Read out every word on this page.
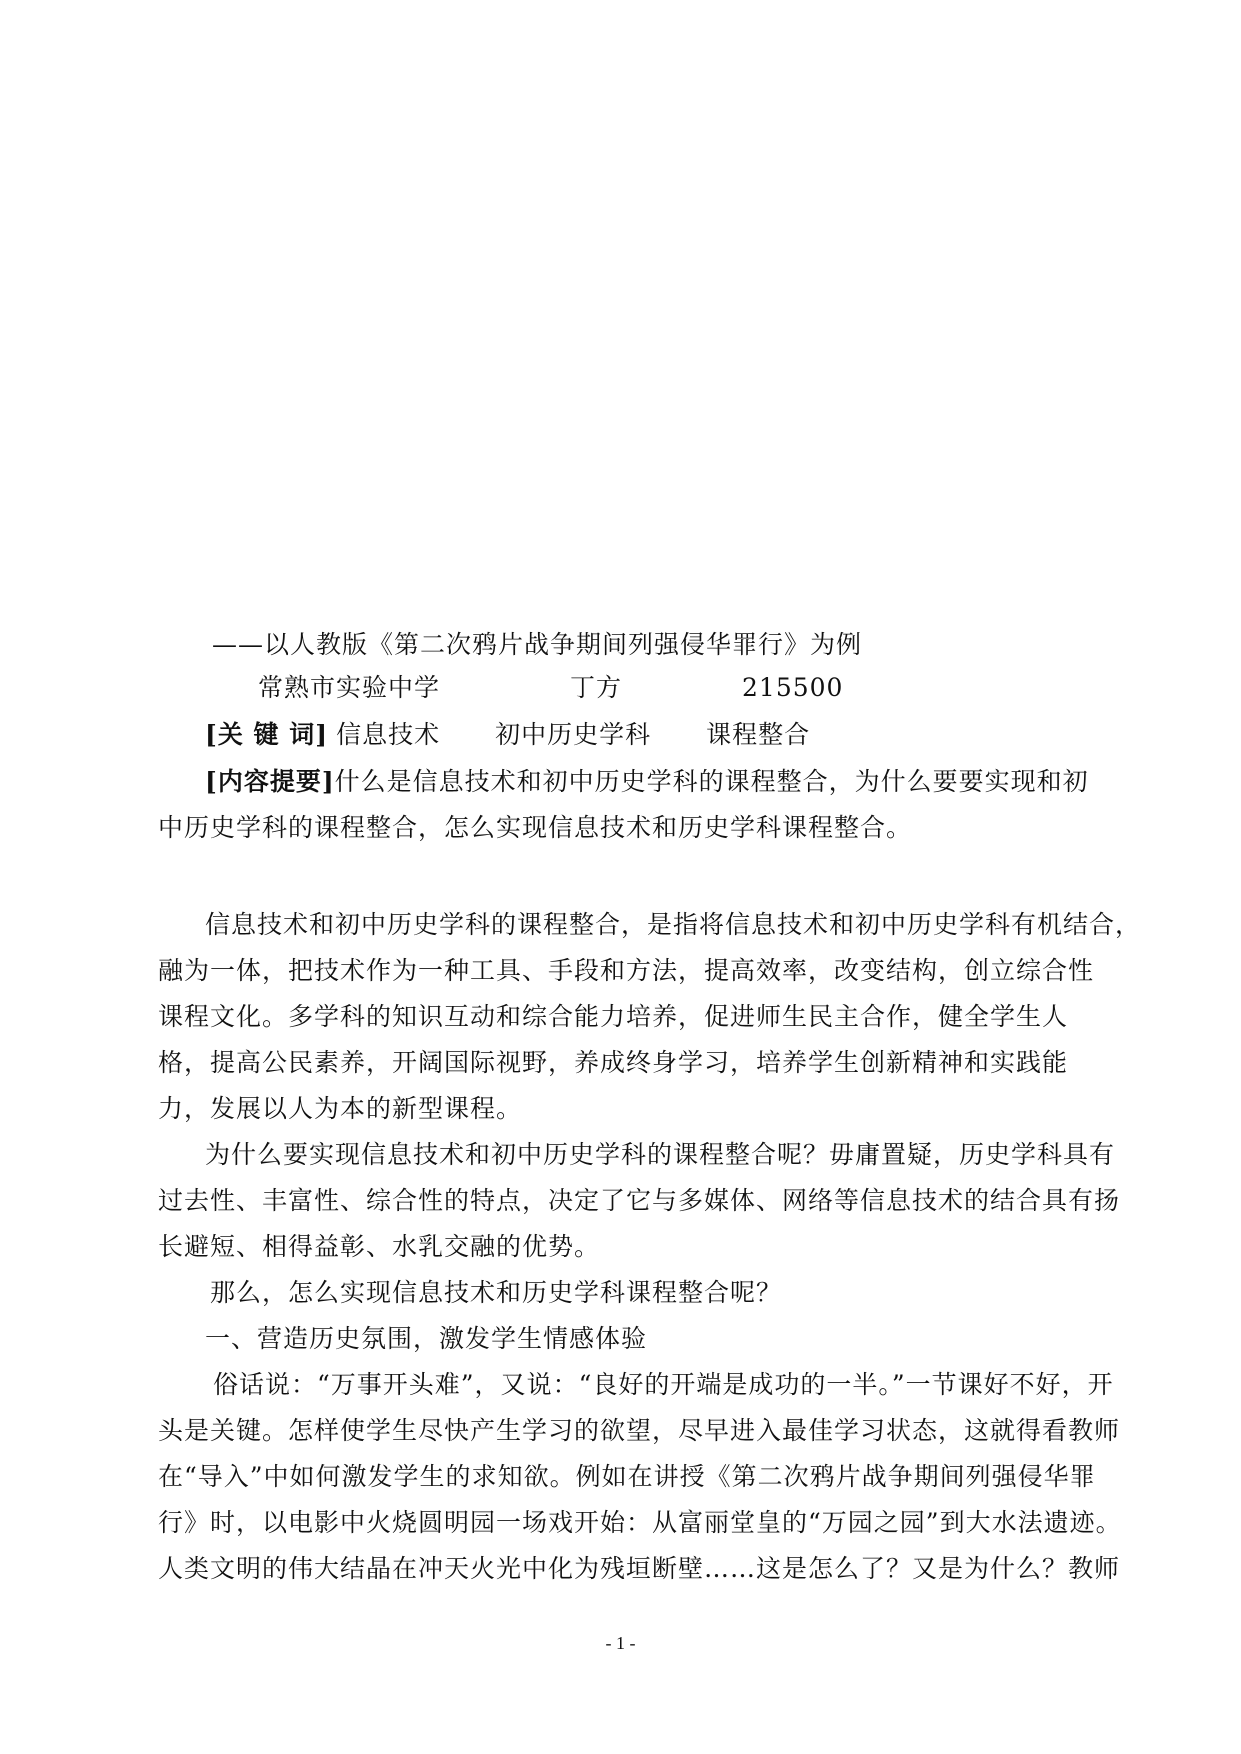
——以人教版《第二次鸦片战争期间列强侵华罪行》为例
常熟市实验中学	丁方	215500
[关 键 词] 信息技术 初中历史学科 课程整合
[内容提要]什么是信息技术和初中历史学科的课程整合，为什么要要实现和初
中历史学科的课程整合，怎么实现信息技术和历史学科课程整合。
信息技术和初中历史学科的课程整合，是指将信息技术和初中历史学科有机结合，
融为一体，把技术作为一种工具、手段和方法，提高效率，改变结构，创立综合性
课程文化。多学科的知识互动和综合能力培养，促进师生民主合作，健全学生人
格，提高公民素养，开阔国际视野，养成终身学习，培养学生创新精神和实践能
力，发展以人为本的新型课程。
为什么要实现信息技术和初中历史学科的课程整合呢？毋庸置疑，历史学科具有
过去性、丰富性、综合性的特点，决定了它与多媒体、网络等信息技术的结合具有扬
长避短、相得益彰、水乳交融的优势。
那么，怎么实现信息技术和历史学科课程整合呢？
一、营造历史氛围，激发学生情感体验
俗话说：“万事开头难”，又说：“良好的开端是成功的一半。”一节课好不好，开
头是关键。怎样使学生尽快产生学习的欲望，尽早进入最佳学习状态，这就得看教师
在“导入”中如何激发学生的求知欲。例如在讲授《第二次鸦片战争期间列强侵华罪
行》时，以电影中火烧圆明园一场戏开始：从富丽堂皇的“万园之园”到大水法遗迹。
人类文明的伟大结晶在冲天火光中化为残垣断壁……这是怎么了？又是为什么？教师
- 1 -
